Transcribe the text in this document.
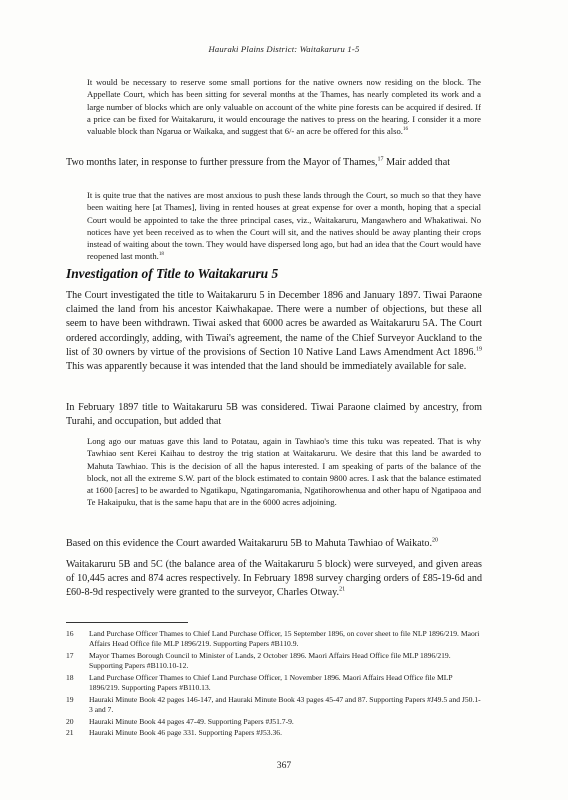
Hauraki Plains District: Waitakaruru 1-5

It would be necessary to reserve some small portions for the native owners now residing on the block. The Appellate Court, which has been sitting for several months at the Thames, has nearly completed its work and a large number of blocks which are only valuable on account of the white pine forests can be acquired if desired. If a price can be fixed for Waitakaruru, it would encourage the natives to press on the hearing. I consider it a more valuable block than Ngarua or Waikaka, and suggest that 6/- an acre be offered for this also.$^{16}$

Two months later, in response to further pressure from the Mayor of Thames,$^{17}$ Mair added that

It is quite true that the natives are most anxious to push these lands through the Court, so much so that they have been waiting here [at Thames], living in rented houses at great expense for over a month, hoping that a special Court would be appointed to take the three principal cases, viz., Waitakaruru, Mangawhero and Whakatiwai. No notices have yet been received as to when the Court will sit, and the natives should be away planting their crops instead of waiting about the town. They would have dispersed long ago, but had an idea that the Court would have reopened last month.$^{18}$

Investigation of Title to Waitakaruru 5

The Court investigated the title to Waitakaruru 5 in December 1896 and January 1897. Tiwai Paraone claimed the land from his ancestor Kaiwhakapae. There were a number of objections, but these all seem to have been withdrawn. Tiwai asked that 6000 acres be awarded as Waitakaruru 5A. The Court ordered accordingly, adding, with Tiwai's agreement, the name of the Chief Surveyor Auckland to the list of 30 owners by virtue of the provisions of Section 10 Native Land Laws Amendment Act 1896.19 This was apparently because it was intended that the land should be immediately available for sale.

In February 1897 title to Waitakaruru 5B was considered. Tiwai Paraone claimed by ancestry, from Turahi, and occupation, but added that

Long ago our matuas gave this land to Potatau, again in Tawhiao's time this tuku was repeated. That is why Tawhiao sent Kerei Kaihau to destroy the trig station at Waitakaruru. We desire that this land be awarded to Mahuta Tawhiao. This is the decision of all the hapus interested. I am speaking of parts of the balance of the block, not all the extreme S.W. part of the block estimated to contain 9800 acres. I ask that the balance estimated at 1600 [acres] to be awarded to Ngatikapu, Ngatingaromania, Ngatihorowhenua and other hapu of Ngatipaoa and Te Hakaipuku, that is the same hapu that are in the 6000 acres adjoining.

Based on this evidence the Court awarded Waitakaruru 5B to Mahuta Tawhiao of Waikato.$^{20}$

Waitakaruru 5B and 5C (the balance area of the Waitakaruru 5 block) were surveyed, and given areas of 10,445 acres and 874 acres respectively. In February 1898 survey charging orders of £85-19-6d and £60-8-9d respectively were granted to the surveyor, Charles Otway.$^{21}$

16	Land Purchase Officer Thames to Chief Land Purchase Officer, 15 September 1896, on cover sheet to file NLP 1896/219. Maori Affairs Head Office file MLP 1896/219. Supporting Papers #B110.9.
17	Mayor Thames Borough Council to Minister of Lands, 2 October 1896. Maori Affairs Head Office file MLP 1896/219. Supporting Papers #B110.10-12.
18	Land Purchase Officer Thames to Chief Land Purchase Officer, 1 November 1896. Maori Affairs Head Office file MLP 1896/219. Supporting Papers #B110.13.
19	Hauraki Minute Book 42 pages 146-147, and Hauraki Minute Book 43 pages 45-47 and 87. Supporting Papers #J49.5 and J50.1-3 and 7.
20	Hauraki Minute Book 44 pages 47-49. Supporting Papers #J51.7-9.
21	Hauraki Minute Book 46 page 331. Supporting Papers #J53.36.
367
